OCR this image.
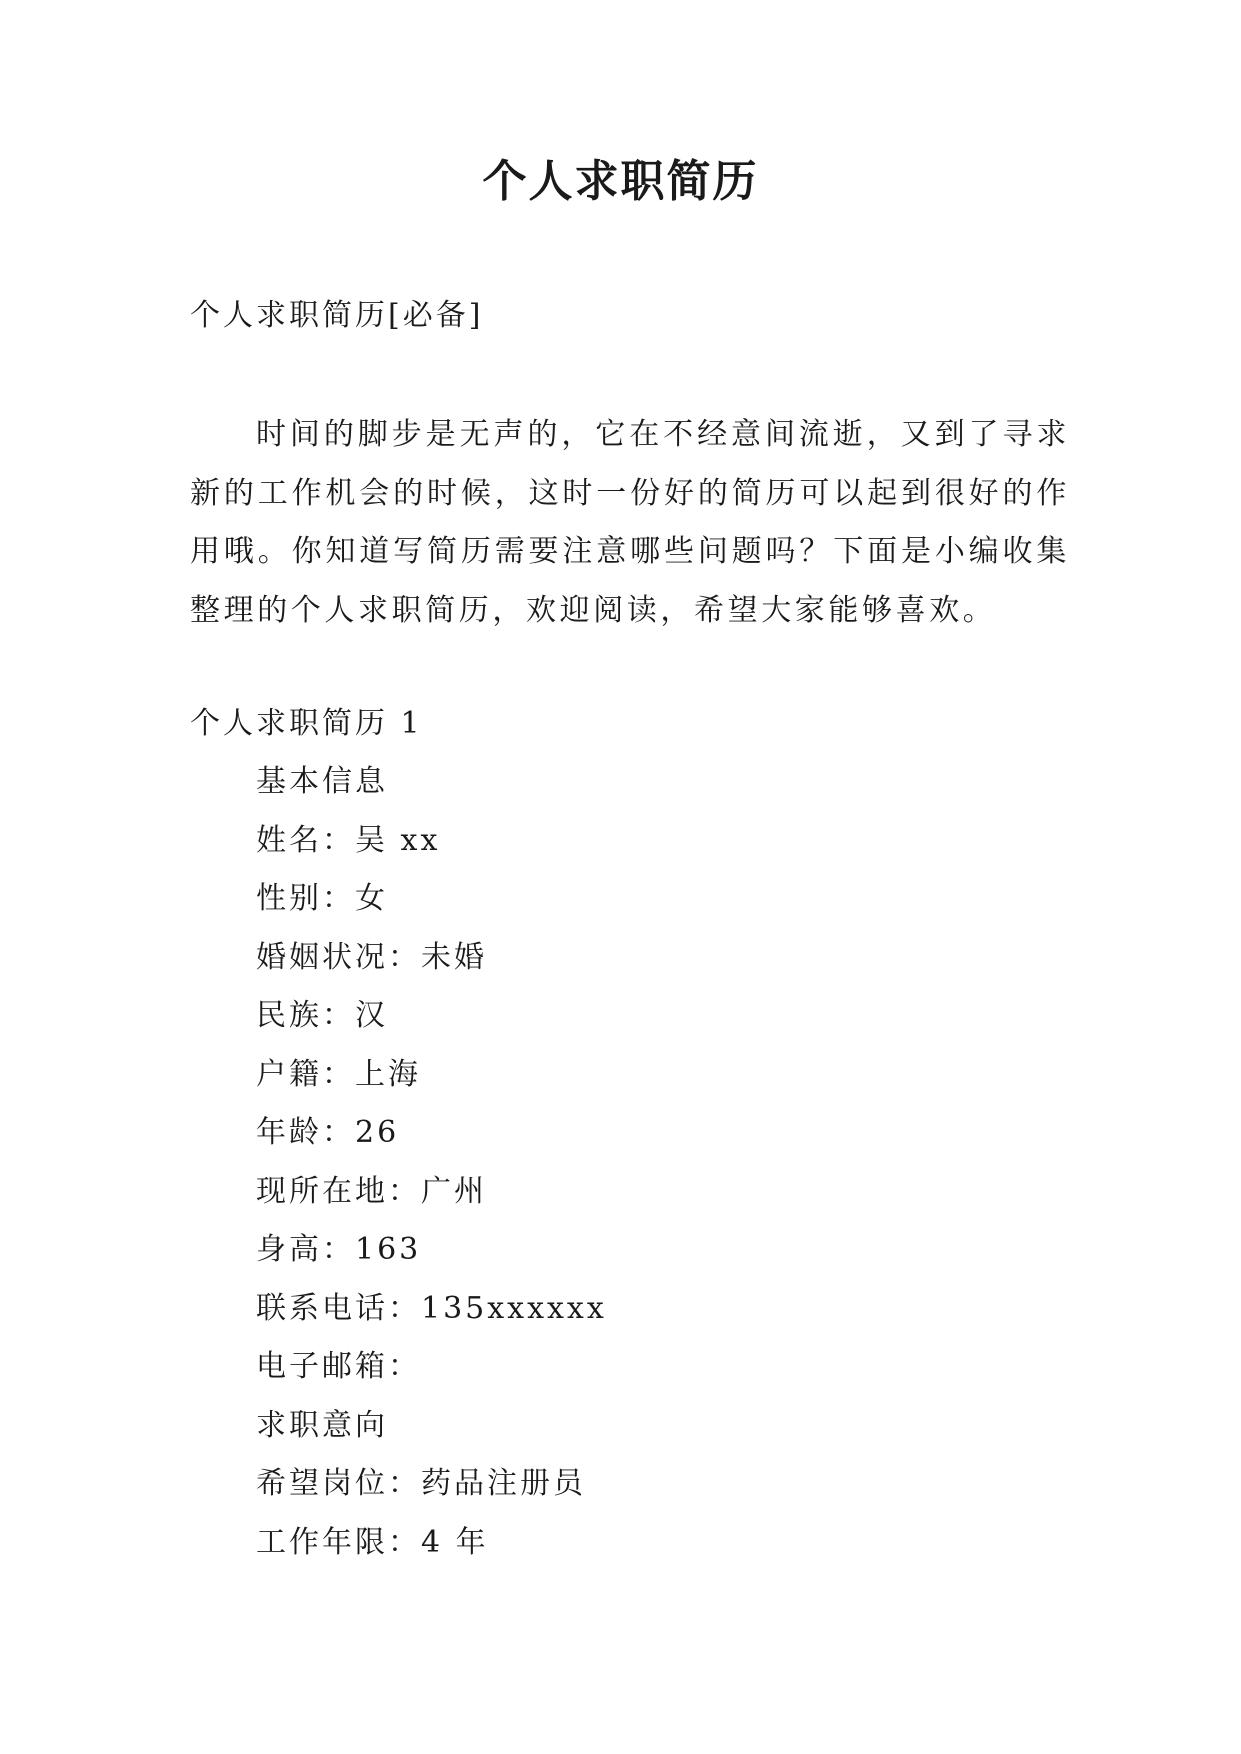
个人求职简历
个人求职简历[必备]

时间的脚步是无声的，它在不经意间流逝，又到了寻求新的工作机会的时候，这时一份好的简历可以起到很好的作用哦。你知道写简历需要注意哪些问题吗？下面是小编收集整理的个人求职简历，欢迎阅读，希望大家能够喜欢。

个人求职简历 1
基本信息
姓名：吴 xx
性别：女
婚姻状况：未婚
民族：汉
户籍：上海
年龄：26
现所在地：广州
身高：163
联系电话：135xxxxxx
电子邮箱：
求职意向
希望岗位：药品注册员
工作年限：4 年
